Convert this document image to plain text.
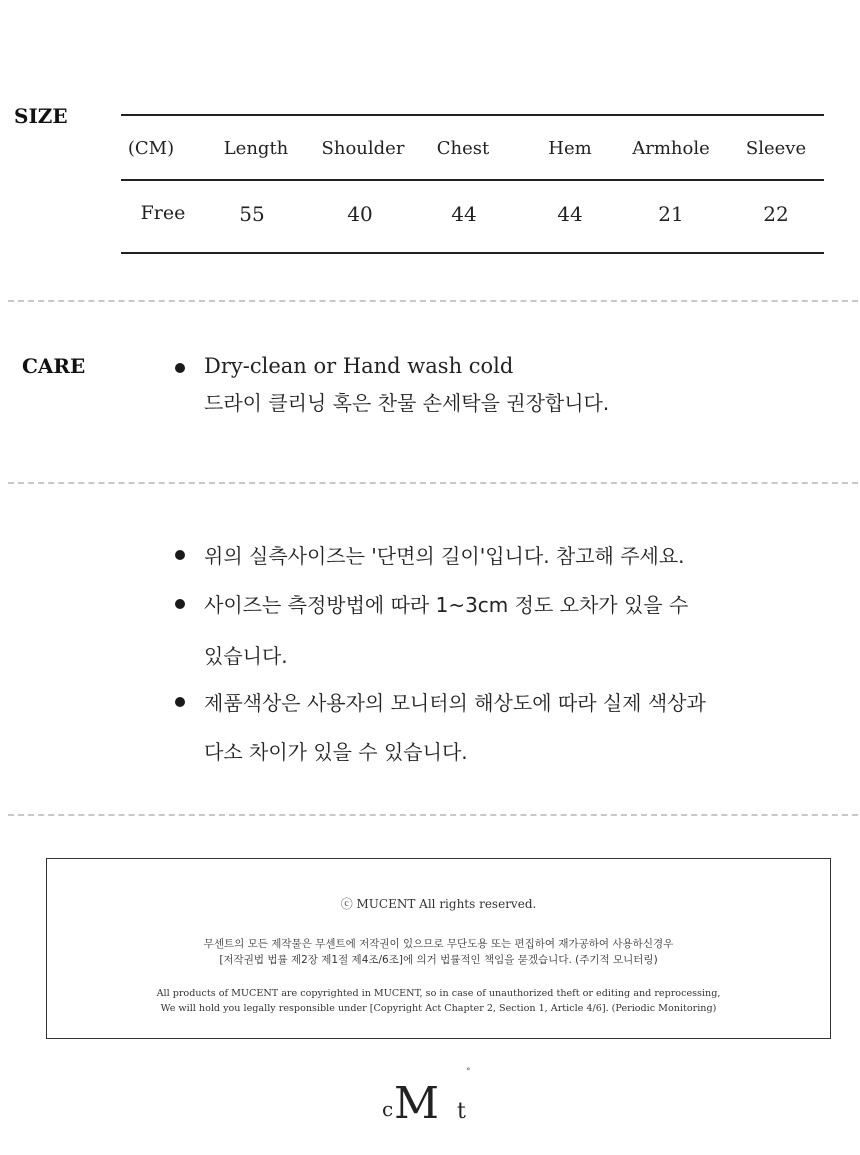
SIZE
(CM)	Length	Shoulder	Chest	Hem	Armhole	Sleeve
Free	55	40	44	44	21	22
CARE	Dry-clean or Hand wash cold
드라이 클리닝 혹은 찬물 손세탁을 권장합니다.
위의 실측사이즈는 '단면의 길이'입니다. 참고해 주세요.
사이즈는 측정방법에 따라 1~3cm 정도 오차가 있을 수
있습니다.
제품색상은 사용자의 모니터의 해상도에 따라 실제 색상과
다소 차이가 있을 수 있습니다.
ⓒ MUCENT All rights reserved.
무센트의 모든 제작물은 무센트에 저작권이 있으므로 무단도용 또는 편집하여 재가공하여 사용하신경우
[저작권법 법률 제2장 제1절 제4조/6조]에 의거 법률적인 책임을 묻겠습니다. (주기적 모니터링)
All products of MUCENT are copyrighted in MUCENT, so in case of unauthorized theft or editing and reprocessing,
We will hold you legally responsible under [Copyright Act Chapter 2, Section 1, Article 4/6]. (Periodic Monitoring)
c M t
°
